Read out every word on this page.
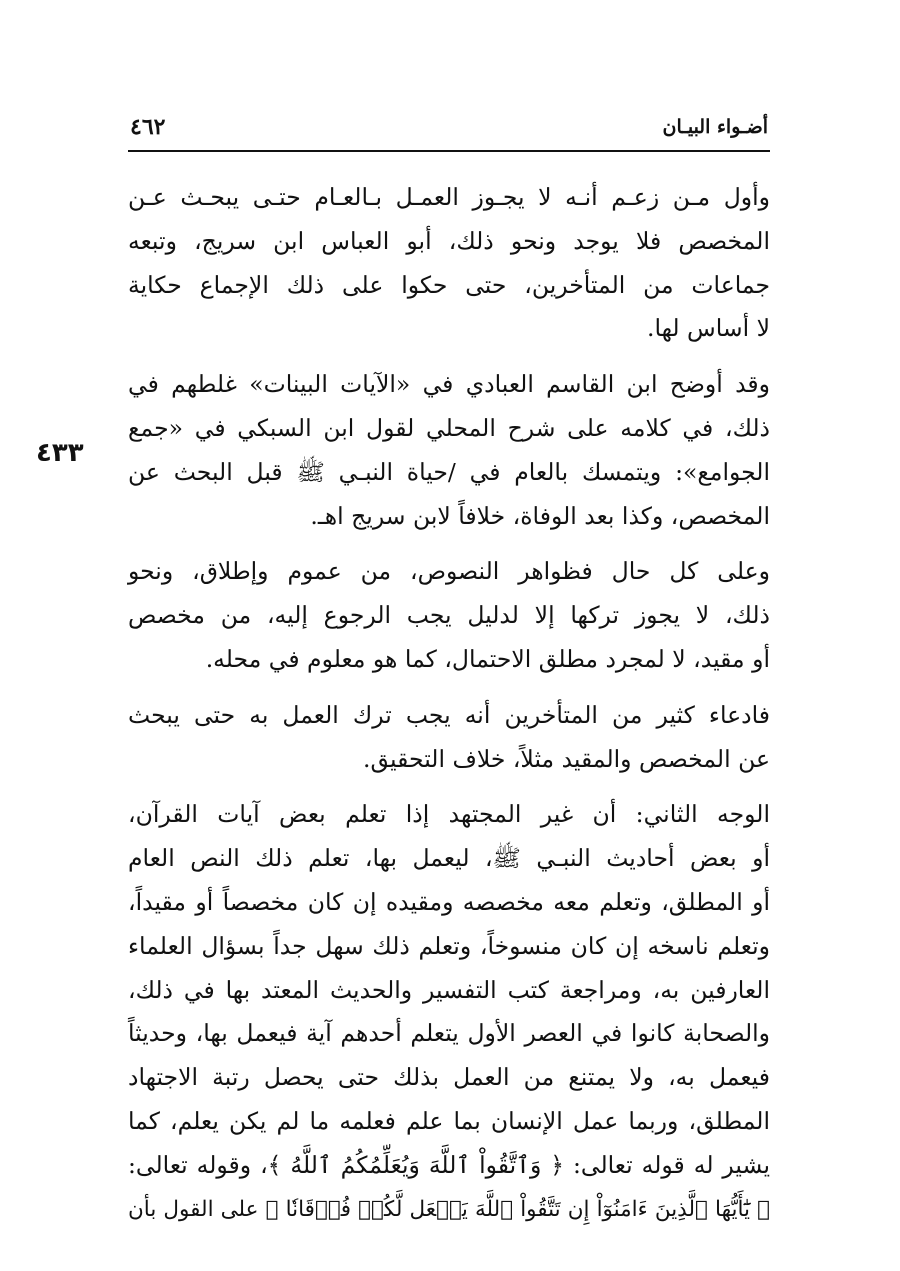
أضـواء البيـان
٤٦٢
٤٣٣

وأول مـن زعـم أنـه لا يجـوز العمـل بـالعـام حتـى يبحـث عـن
المخصص فلا يوجد ونحو ذلك، أبو العباس ابن سريج، وتبعه
جماعات من المتأخرين، حتى حكوا على ذلك الإجماع حكاية
لا أساس لها.

وقد أوضح ابن القاسم العبادي في «الآيات البينات» غلطهم في
ذلك، في كلامه على شرح المحلي لقول ابن السبكي في «جمع
الجوامع»: ويتمسك بالعام في /حياة النبـي ﷺ قبل البحث عن
المخصص، وكذا بعد الوفاة، خلافاً لابن سريج اهـ.

وعلى كل حال فظواهر النصوص، من عموم وإطلاق، ونحو
ذلك، لا يجوز تركها إلا لدليل يجب الرجوع إليه، من مخصص
أو مقيد، لا لمجرد مطلق الاحتمال، كما هو معلوم في محله.

فادعاء كثير من المتأخرين أنه يجب ترك العمل به حتى يبحث
عن المخصص والمقيد مثلاً، خلاف التحقيق.

الوجه الثاني: أن غير المجتهد إذا تعلم بعض آيات القرآن،
أو بعض أحاديث النبـي ﷺ، ليعمل بها، تعلم ذلك النص العام
أو المطلق، وتعلم معه مخصصه ومقيده إن كان مخصصاً أو مقيداً،
وتعلم ناسخه إن كان منسوخاً، وتعلم ذلك سهل جداً بسؤال العلماء
العارفين به، ومراجعة كتب التفسير والحديث المعتد بها في ذلك،
والصحابة كانوا في العصر الأول يتعلم أحدهم آية فيعمل بها، وحديثاً
فيعمل به، ولا يمتنع من العمل بذلك حتى يحصل رتبة الاجتهاد
المطلق، وربما عمل الإنسان بما علم فعلمه ما لم يكن يعلم، كما
يشير له قوله تعالى: ﴿ وَٱتَّقُواْ ٱللَّهَ وَيُعَلِّمُكُمُ ٱللَّهُ ﴾، وقوله تعالى:
﴿ يَٰٓأَيُّهَا ٱلَّذِينَ ءَامَنُوٓاْ إِن تَتَّقُواْ ٱللَّهَ يَجۡعَل لَّكُمۡ فُرۡقَانٗا ﴾ على القول بأن
